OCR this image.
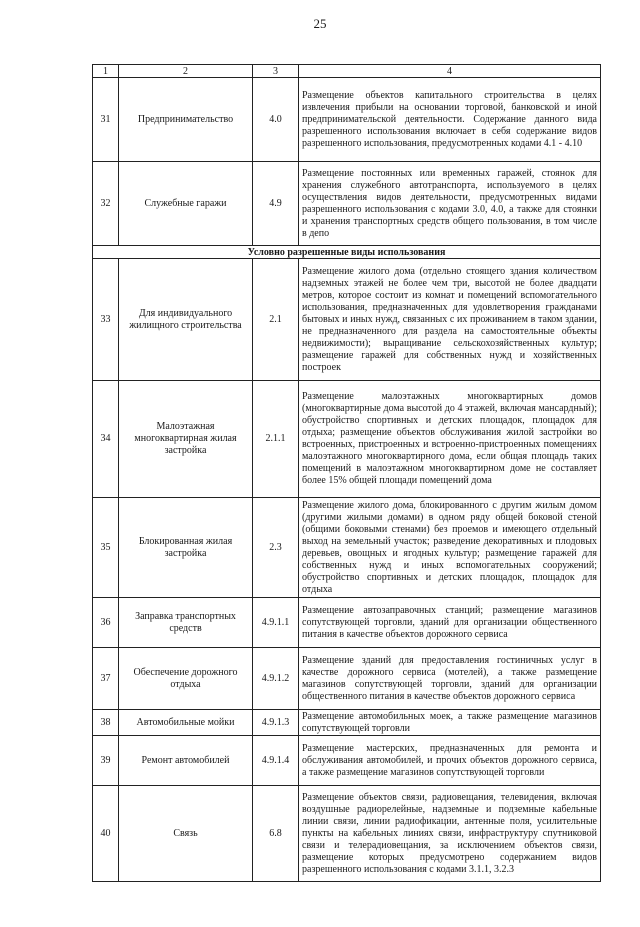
25
1	2	3	4
31	Предпринимательство	4.0	Размещение объектов капитального строительства в целях извлечения прибыли на основании торговой, банковской и иной предпринимательской деятельности. Содержание данного вида разрешенного использования включает в себя содержание видов разрешенного использования, предусмотренных кодами 4.1 - 4.10
32	Служебные гаражи	4.9	Размещение постоянных или временных гаражей, стоянок для хранения служебного автотранспорта, используемого в целях осуществления видов деятельности, предусмотренных видами разрешенного использования с кодами 3.0, 4.0, а также для стоянки и хранения транспортных средств общего пользования, в том числе в депо
Условно разрешенные виды использования			
33	Для индивидуального жилищного строительства	2.1	Размещение жилого дома (отдельно стоящего здания количеством надземных этажей не более чем три, высотой не более двадцати метров, которое состоит из комнат и помещений вспомогательного использования, предназначенных для удовлетворения гражданами бытовых и иных нужд, связанных с их проживанием в таком здании, не предназначенного для раздела на самостоятельные объекты недвижимости); выращивание сельскохозяйственных культур; размещение гаражей для собственных нужд и хозяйственных построек
34	Малоэтажная многоквартирная жилая застройка	2.1.1	Размещение малоэтажных многоквартирных домов (многоквартирные дома высотой до 4 этажей, включая мансардный); обустройство спортивных и детских площадок, площадок для отдыха; размещение объектов обслуживания жилой застройки во встроенных, пристроенных и встроенно-пристроенных помещениях малоэтажного многоквартирного дома, если общая площадь таких помещений в малоэтажном многоквартирном доме не составляет более 15% общей площади помещений дома
35	Блокированная жилая застройка	2.3	Размещение жилого дома, блокированного с другим жилым домом (другими жилыми домами) в одном ряду общей боковой стеной (общими боковыми стенами) без проемов и имеющего отдельный выход на земельный участок; разведение декоративных и плодовых деревьев, овощных и ягодных культур; размещение гаражей для собственных нужд и иных вспомогательных сооружений; обустройство спортивных и детских площадок, площадок для отдыха
36	Заправка транспортных средств	4.9.1.1	Размещение автозаправочных станций; размещение магазинов сопутствующей торговли, зданий для организации общественного питания в качестве объектов дорожного сервиса
37	Обеспечение дорожного отдыха	4.9.1.2	Размещение зданий для предоставления гостиничных услуг в качестве дорожного сервиса (мотелей), а также размещение магазинов сопутствующей торговли, зданий для организации общественного питания в качестве объектов дорожного сервиса
38	Автомобильные мойки	4.9.1.3	Размещение автомобильных моек, а также размещение магазинов сопутствующей торговли
39	Ремонт автомобилей	4.9.1.4	Размещение мастерских, предназначенных для ремонта и обслуживания автомобилей, и прочих объектов дорожного сервиса, а также размещение магазинов сопутствующей торговли
40	Связь	6.8	Размещение объектов связи, радиовещания, телевидения, включая воздушные радиорелейные, надземные и подземные кабельные линии связи, линии радиофикации, антенные поля, усилительные пункты на кабельных линиях связи, инфраструктуру спутниковой связи и телерадиовещания, за исключением объектов связи, размещение которых предусмотрено содержанием видов разрешенного использования с кодами 3.1.1, 3.2.3
